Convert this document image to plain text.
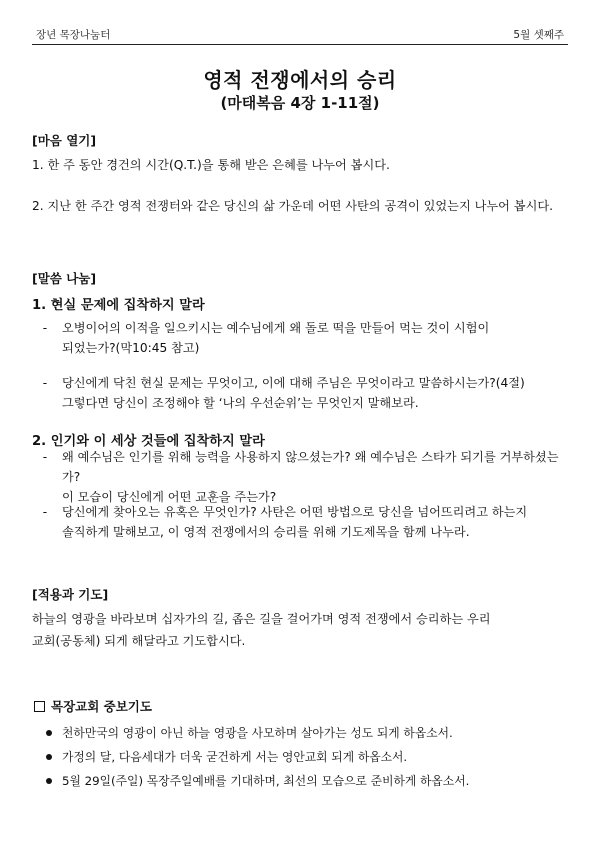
장년 목장나눔터	5월 셋째주
영적 전쟁에서의 승리
(마태복음 4장 1-11절)
[마음 열기]
1. 한 주 동안 경건의 시간(Q.T.)을 통해 받은 은혜를 나누어 봅시다.
2. 지난 한 주간 영적 전쟁터와 같은 당신의 삶 가운데 어떤 사탄의 공격이 있었는지 나누어 봅시다.
[말씀 나눔]
1. 현실 문제에 집착하지 말라
-	오병이어의 이적을 일으키시는 예수님에게 왜 돌로 떡을 만들어 먹는 것이 시험이
되었는가?(막10:45 참고)
-	당신에게 닥친 현실 문제는 무엇이고, 이에 대해 주님은 무엇이라고 말씀하시는가?(4절)
그렇다면 당신이 조정해야 할 ‘나의 우선순위’는 무엇인지 말해보라.
2. 인기와 이 세상 것들에 집착하지 말라
-	왜 예수님은 인기를 위해 능력을 사용하지 않으셨는가? 왜 예수님은 스타가 되기를 거부하셨는가?
이 모습이 당신에게 어떤 교훈을 주는가?
-	당신에게 찾아오는 유혹은 무엇인가? 사탄은 어떤 방법으로 당신을 넘어뜨리려고 하는지
솔직하게 말해보고, 이 영적 전쟁에서의 승리를 위해 기도제목을 함께 나누라.
[적용과 기도]
하늘의 영광을 바라보며 십자가의 길, 좁은 길을 걸어가며 영적 전쟁에서 승리하는 우리
교회(공동체) 되게 해달라고 기도합시다.
목장교회 중보기도
천하만국의 영광이 아닌 하늘 영광을 사모하며 살아가는 성도 되게 하옵소서.
가정의 달, 다음세대가 더욱 굳건하게 서는 영안교회 되게 하옵소서.
5월 29일(주일) 목장주일예배를 기대하며, 최선의 모습으로 준비하게 하옵소서.
